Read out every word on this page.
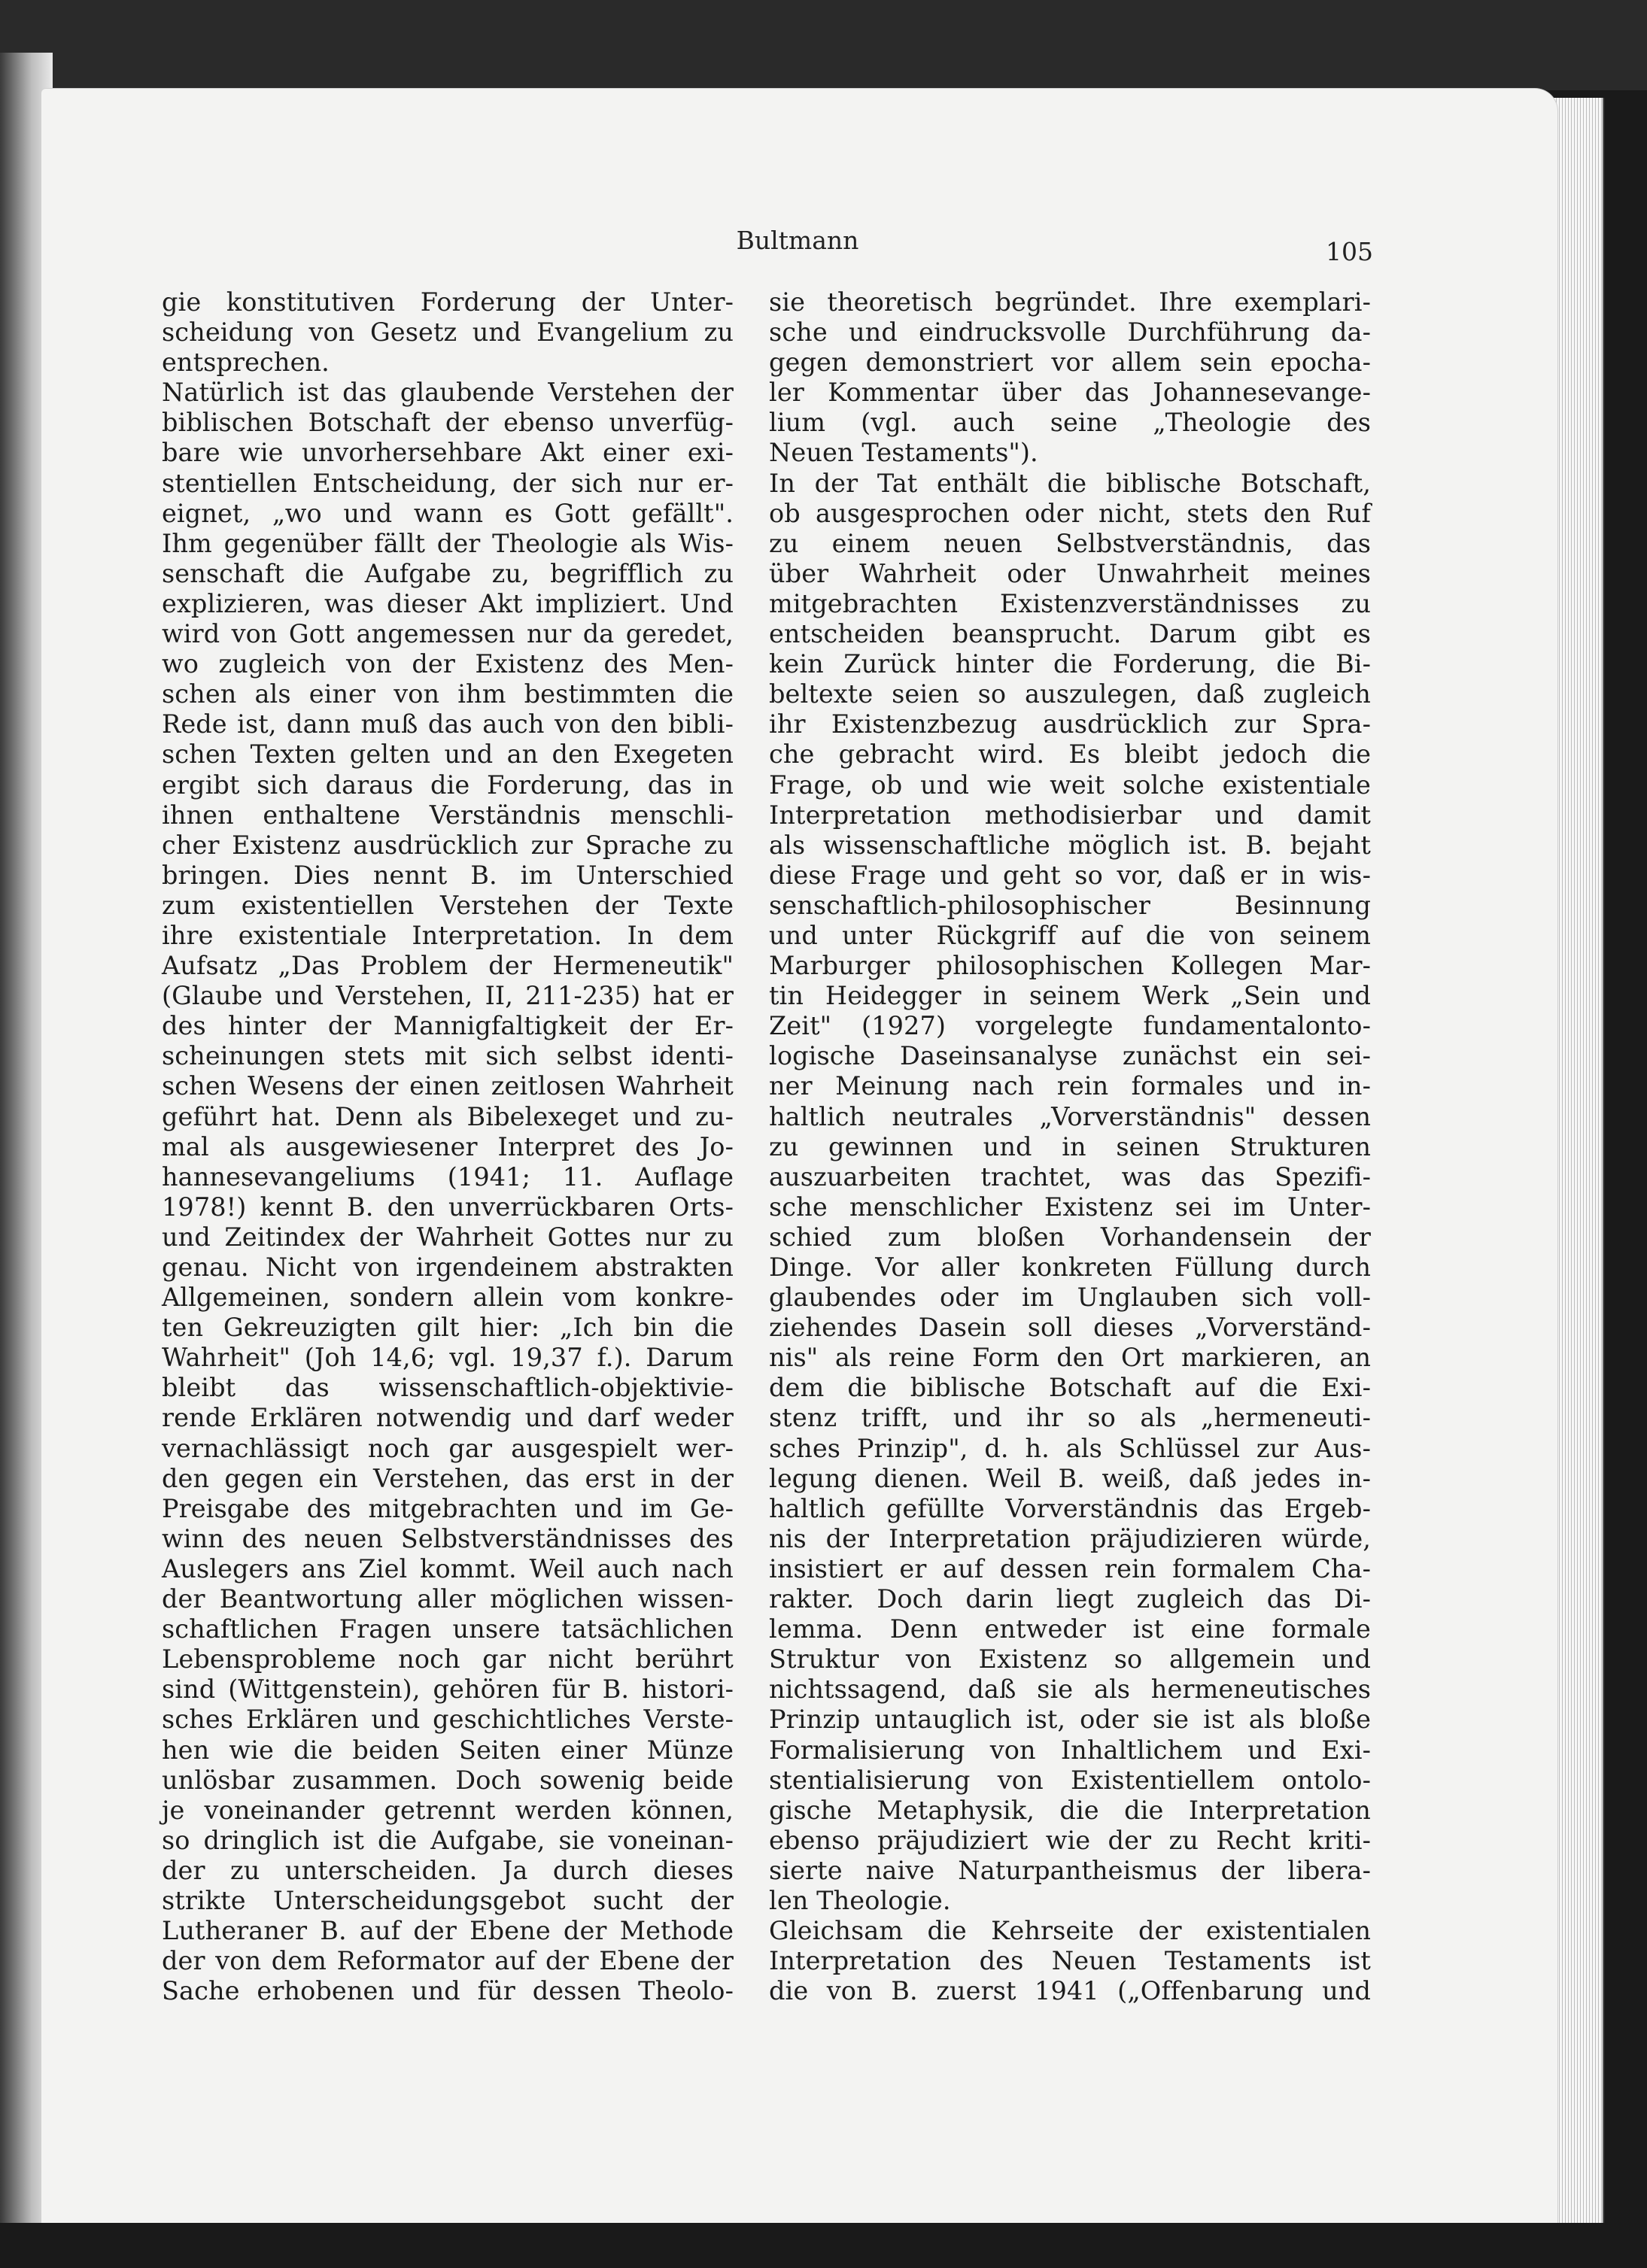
Bultmann	105

gie konstitutiven Forderung der Unter-
scheidung von Gesetz und Evangelium zu
entsprechen.
Natürlich ist das glaubende Verstehen der
biblischen Botschaft der ebenso unverfüg-
bare wie unvorhersehbare Akt einer exi-
stentiellen Entscheidung, der sich nur er-
eignet, „wo und wann es Gott gefällt".
Ihm gegenüber fällt der Theologie als Wis-
senschaft die Aufgabe zu, begrifflich zu
explizieren, was dieser Akt impliziert. Und
wird von Gott angemessen nur da geredet,
wo zugleich von der Existenz des Men-
schen als einer von ihm bestimmten die
Rede ist, dann muß das auch von den bibli-
schen Texten gelten und an den Exegeten
ergibt sich daraus die Forderung, das in
ihnen enthaltene Verständnis menschli-
cher Existenz ausdrücklich zur Sprache zu
bringen. Dies nennt B. im Unterschied
zum existentiellen Verstehen der Texte
ihre existentiale Interpretation. In dem
Aufsatz „Das Problem der Hermeneutik"
(Glaube und Verstehen, II, 211-235) hat er
des hinter der Mannigfaltigkeit der Er-
scheinungen stets mit sich selbst identi-
schen Wesens der einen zeitlosen Wahrheit
geführt hat. Denn als Bibelexeget und zu-
mal als ausgewiesener Interpret des Jo-
hannesevangeliums (1941; 11. Auflage
1978!) kennt B. den unverrückbaren Orts-
und Zeitindex der Wahrheit Gottes nur zu
genau. Nicht von irgendeinem abstrakten
Allgemeinen, sondern allein vom konkre-
ten Gekreuzigten gilt hier: „Ich bin die
Wahrheit" (Joh 14,6; vgl. 19,37 f.). Darum
bleibt das wissenschaftlich-objektivie-
rende Erklären notwendig und darf weder
vernachlässigt noch gar ausgespielt wer-
den gegen ein Verstehen, das erst in der
Preisgabe des mitgebrachten und im Ge-
winn des neuen Selbstverständnisses des
Auslegers ans Ziel kommt. Weil auch nach
der Beantwortung aller möglichen wissen-
schaftlichen Fragen unsere tatsächlichen
Lebensprobleme noch gar nicht berührt
sind (Wittgenstein), gehören für B. histori-
sches Erklären und geschichtliches Verste-
hen wie die beiden Seiten einer Münze
unlösbar zusammen. Doch sowenig beide
je voneinander getrennt werden können,
so dringlich ist die Aufgabe, sie voneinan-
der zu unterscheiden. Ja durch dieses
strikte Unterscheidungsgebot sucht der
Lutheraner B. auf der Ebene der Methode
der von dem Reformator auf der Ebene der
Sache erhobenen und für dessen Theolo-
sie theoretisch begründet. Ihre exemplari-
sche und eindrucksvolle Durchführung da-
gegen demonstriert vor allem sein epocha-
ler Kommentar über das Johannesevange-
lium (vgl. auch seine „Theologie des
Neuen Testaments").
In der Tat enthält die biblische Botschaft,
ob ausgesprochen oder nicht, stets den Ruf
zu einem neuen Selbstverständnis, das
über Wahrheit oder Unwahrheit meines
mitgebrachten Existenzverständnisses zu
entscheiden beansprucht. Darum gibt es
kein Zurück hinter die Forderung, die Bi-
beltexte seien so auszulegen, daß zugleich
ihr Existenzbezug ausdrücklich zur Spra-
che gebracht wird. Es bleibt jedoch die
Frage, ob und wie weit solche existentiale
Interpretation methodisierbar und damit
als wissenschaftliche möglich ist. B. bejaht
diese Frage und geht so vor, daß er in wis-
senschaftlich-philosophischer Besinnung
und unter Rückgriff auf die von seinem
Marburger philosophischen Kollegen Mar-
tin Heidegger in seinem Werk „Sein und
Zeit" (1927) vorgelegte fundamentalonto-
logische Daseinsanalyse zunächst ein sei-
ner Meinung nach rein formales und in-
haltlich neutrales „Vorverständnis" dessen
zu gewinnen und in seinen Strukturen
auszuarbeiten trachtet, was das Spezifi-
sche menschlicher Existenz sei im Unter-
schied zum bloßen Vorhandensein der
Dinge. Vor aller konkreten Füllung durch
glaubendes oder im Unglauben sich voll-
ziehendes Dasein soll dieses „Vorverständ-
nis" als reine Form den Ort markieren, an
dem die biblische Botschaft auf die Exi-
stenz trifft, und ihr so als „hermeneuti-
sches Prinzip", d. h. als Schlüssel zur Aus-
legung dienen. Weil B. weiß, daß jedes in-
haltlich gefüllte Vorverständnis das Ergeb-
nis der Interpretation präjudizieren würde,
insistiert er auf dessen rein formalem Cha-
rakter. Doch darin liegt zugleich das Di-
lemma. Denn entweder ist eine formale
Struktur von Existenz so allgemein und
nichtssagend, daß sie als hermeneutisches
Prinzip untauglich ist, oder sie ist als bloße
Formalisierung von Inhaltlichem und Exi-
stentialisierung von Existentiellem ontolo-
gische Metaphysik, die die Interpretation
ebenso präjudiziert wie der zu Recht kriti-
sierte naive Naturpantheismus der libera-
len Theologie.
Gleichsam die Kehrseite der existentialen
Interpretation des Neuen Testaments ist
die von B. zuerst 1941 („Offenbarung und
